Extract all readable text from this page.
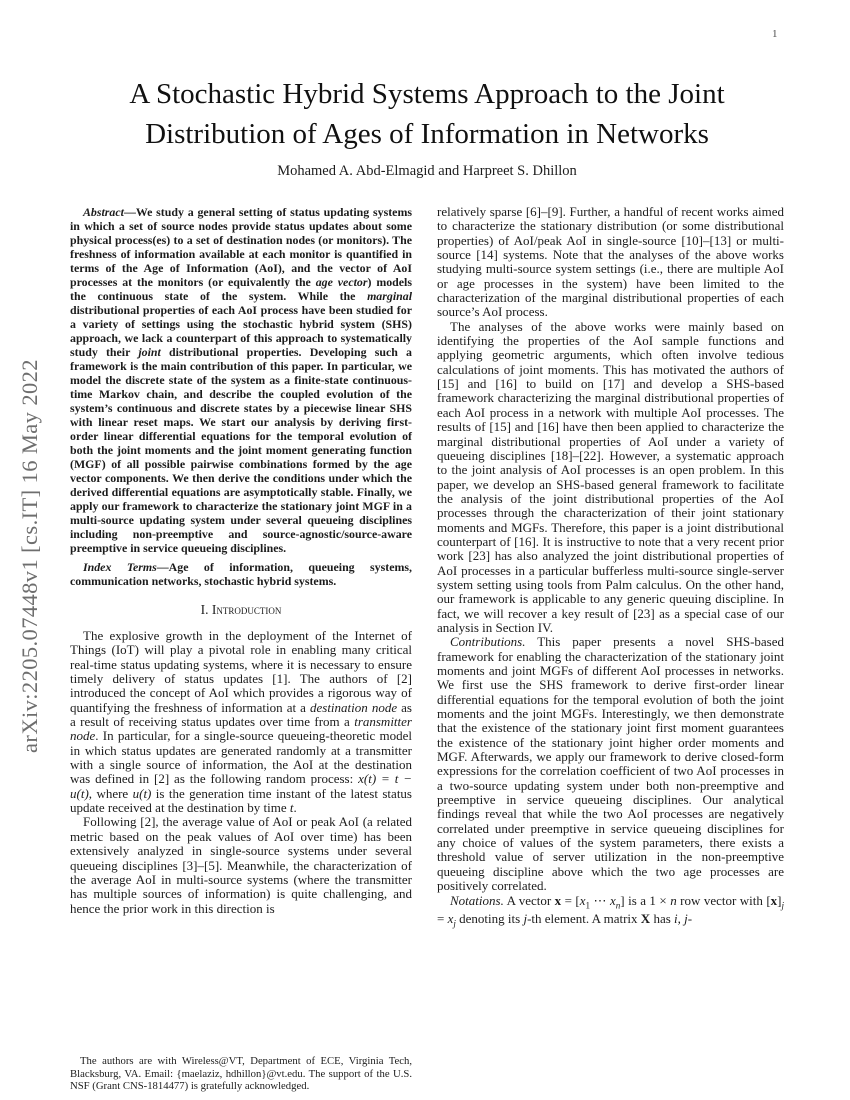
1
arXiv:2205.07448v1 [cs.IT] 16 May 2022
A Stochastic Hybrid Systems Approach to the Joint
Distribution of Ages of Information in Networks
Mohamed A. Abd-Elmagid and Harpreet S. Dhillon
Abstract—We study a general setting of status updating systems in which a set of source nodes provide status updates about some physical process(es) to a set of destination nodes (or monitors). The freshness of information available at each monitor is quantified in terms of the Age of Information (AoI), and the vector of AoI processes at the monitors (or equivalently the age vector) models the continuous state of the system. While the marginal distributional properties of each AoI process have been studied for a variety of settings using the stochastic hybrid system (SHS) approach, we lack a counterpart of this approach to systematically study their joint distributional properties. Developing such a framework is the main contribution of this paper. In particular, we model the discrete state of the system as a finite-state continuous-time Markov chain, and describe the coupled evolution of the system’s continuous and discrete states by a piecewise linear SHS with linear reset maps. We start our analysis by deriving first-order linear differential equations for the temporal evolution of both the joint moments and the joint moment generating function (MGF) of all possible pairwise combinations formed by the age vector components. We then derive the conditions under which the derived differential equations are asymptotically stable. Finally, we apply our framework to characterize the stationary joint MGF in a multi-source updating system under several queueing disciplines including non-preemptive and source-agnostic/source-aware preemptive in service queueing disciplines.
Index Terms—Age of information, queueing systems, communication networks, stochastic hybrid systems.
I. Introduction
The explosive growth in the deployment of the Internet of Things (IoT) will play a pivotal role in enabling many critical real-time status updating systems, where it is necessary to ensure timely delivery of status updates [1]. The authors of [2] introduced the concept of AoI which provides a rigorous way of quantifying the freshness of information at a destination node as a result of receiving status updates over time from a transmitter node. In particular, for a single-source queueing-theoretic model in which status updates are generated randomly at a transmitter with a single source of information, the AoI at the destination was defined in [2] as the following random process: x(t) = t − u(t), where u(t) is the generation time instant of the latest status update received at the destination by time t.
Following [2], the average value of AoI or peak AoI (a related metric based on the peak values of AoI over time) has been extensively analyzed in single-source systems under several queueing disciplines [3]–[5]. Meanwhile, the characterization of the average AoI in multi-source systems (where the transmitter has multiple sources of information) is quite challenging, and hence the prior work in this direction is
The authors are with Wireless@VT, Department of ECE, Virginia Tech, Blacksburg, VA. Email: {maelaziz, hdhillon}@vt.edu. The support of the U.S. NSF (Grant CNS-1814477) is gratefully acknowledged.
relatively sparse [6]–[9]. Further, a handful of recent works aimed to characterize the stationary distribution (or some distributional properties) of AoI/peak AoI in single-source [10]–[13] or multi-source [14] systems. Note that the analyses of the above works studying multi-source system settings (i.e., there are multiple AoI or age processes in the system) have been limited to the characterization of the marginal distributional properties of each source’s AoI process.
The analyses of the above works were mainly based on identifying the properties of the AoI sample functions and applying geometric arguments, which often involve tedious calculations of joint moments. This has motivated the authors of [15] and [16] to build on [17] and develop a SHS-based framework characterizing the marginal distributional properties of each AoI process in a network with multiple AoI processes. The results of [15] and [16] have then been applied to characterize the marginal distributional properties of AoI under a variety of queueing disciplines [18]–[22]. However, a systematic approach to the joint analysis of AoI processes is an open problem. In this paper, we develop an SHS-based general framework to facilitate the analysis of the joint distributional properties of the AoI processes through the characterization of their joint stationary moments and MGFs. Therefore, this paper is a joint distributional counterpart of [16]. It is instructive to note that a very recent prior work [23] has also analyzed the joint distributional properties of AoI processes in a particular bufferless multi-source single-server system setting using tools from Palm calculus. On the other hand, our framework is applicable to any generic queuing discipline. In fact, we will recover a key result of [23] as a special case of our analysis in Section IV.
Contributions. This paper presents a novel SHS-based framework for enabling the characterization of the stationary joint moments and joint MGFs of different AoI processes in networks. We first use the SHS framework to derive first-order linear differential equations for the temporal evolution of both the joint moments and the joint MGFs. Interestingly, we then demonstrate that the existence of the stationary joint first moment guarantees the existence of the stationary joint higher order moments and MGF. Afterwards, we apply our framework to derive closed-form expressions for the correlation coefficient of two AoI processes in a two-source updating system under both non-preemptive and preemptive in service queueing disciplines. Our analytical findings reveal that while the two AoI processes are negatively correlated under preemptive in service queueing disciplines for any choice of values of the system parameters, there exists a threshold value of server utilization in the non-preemptive queueing discipline above which the two age processes are positively correlated.
Notations. A vector $x = [x_1$ ⋯ $x_n$] is a 1 × n row vector with $[x]_j = x_j$ denoting its j-th element. A matrix X has i, j-
